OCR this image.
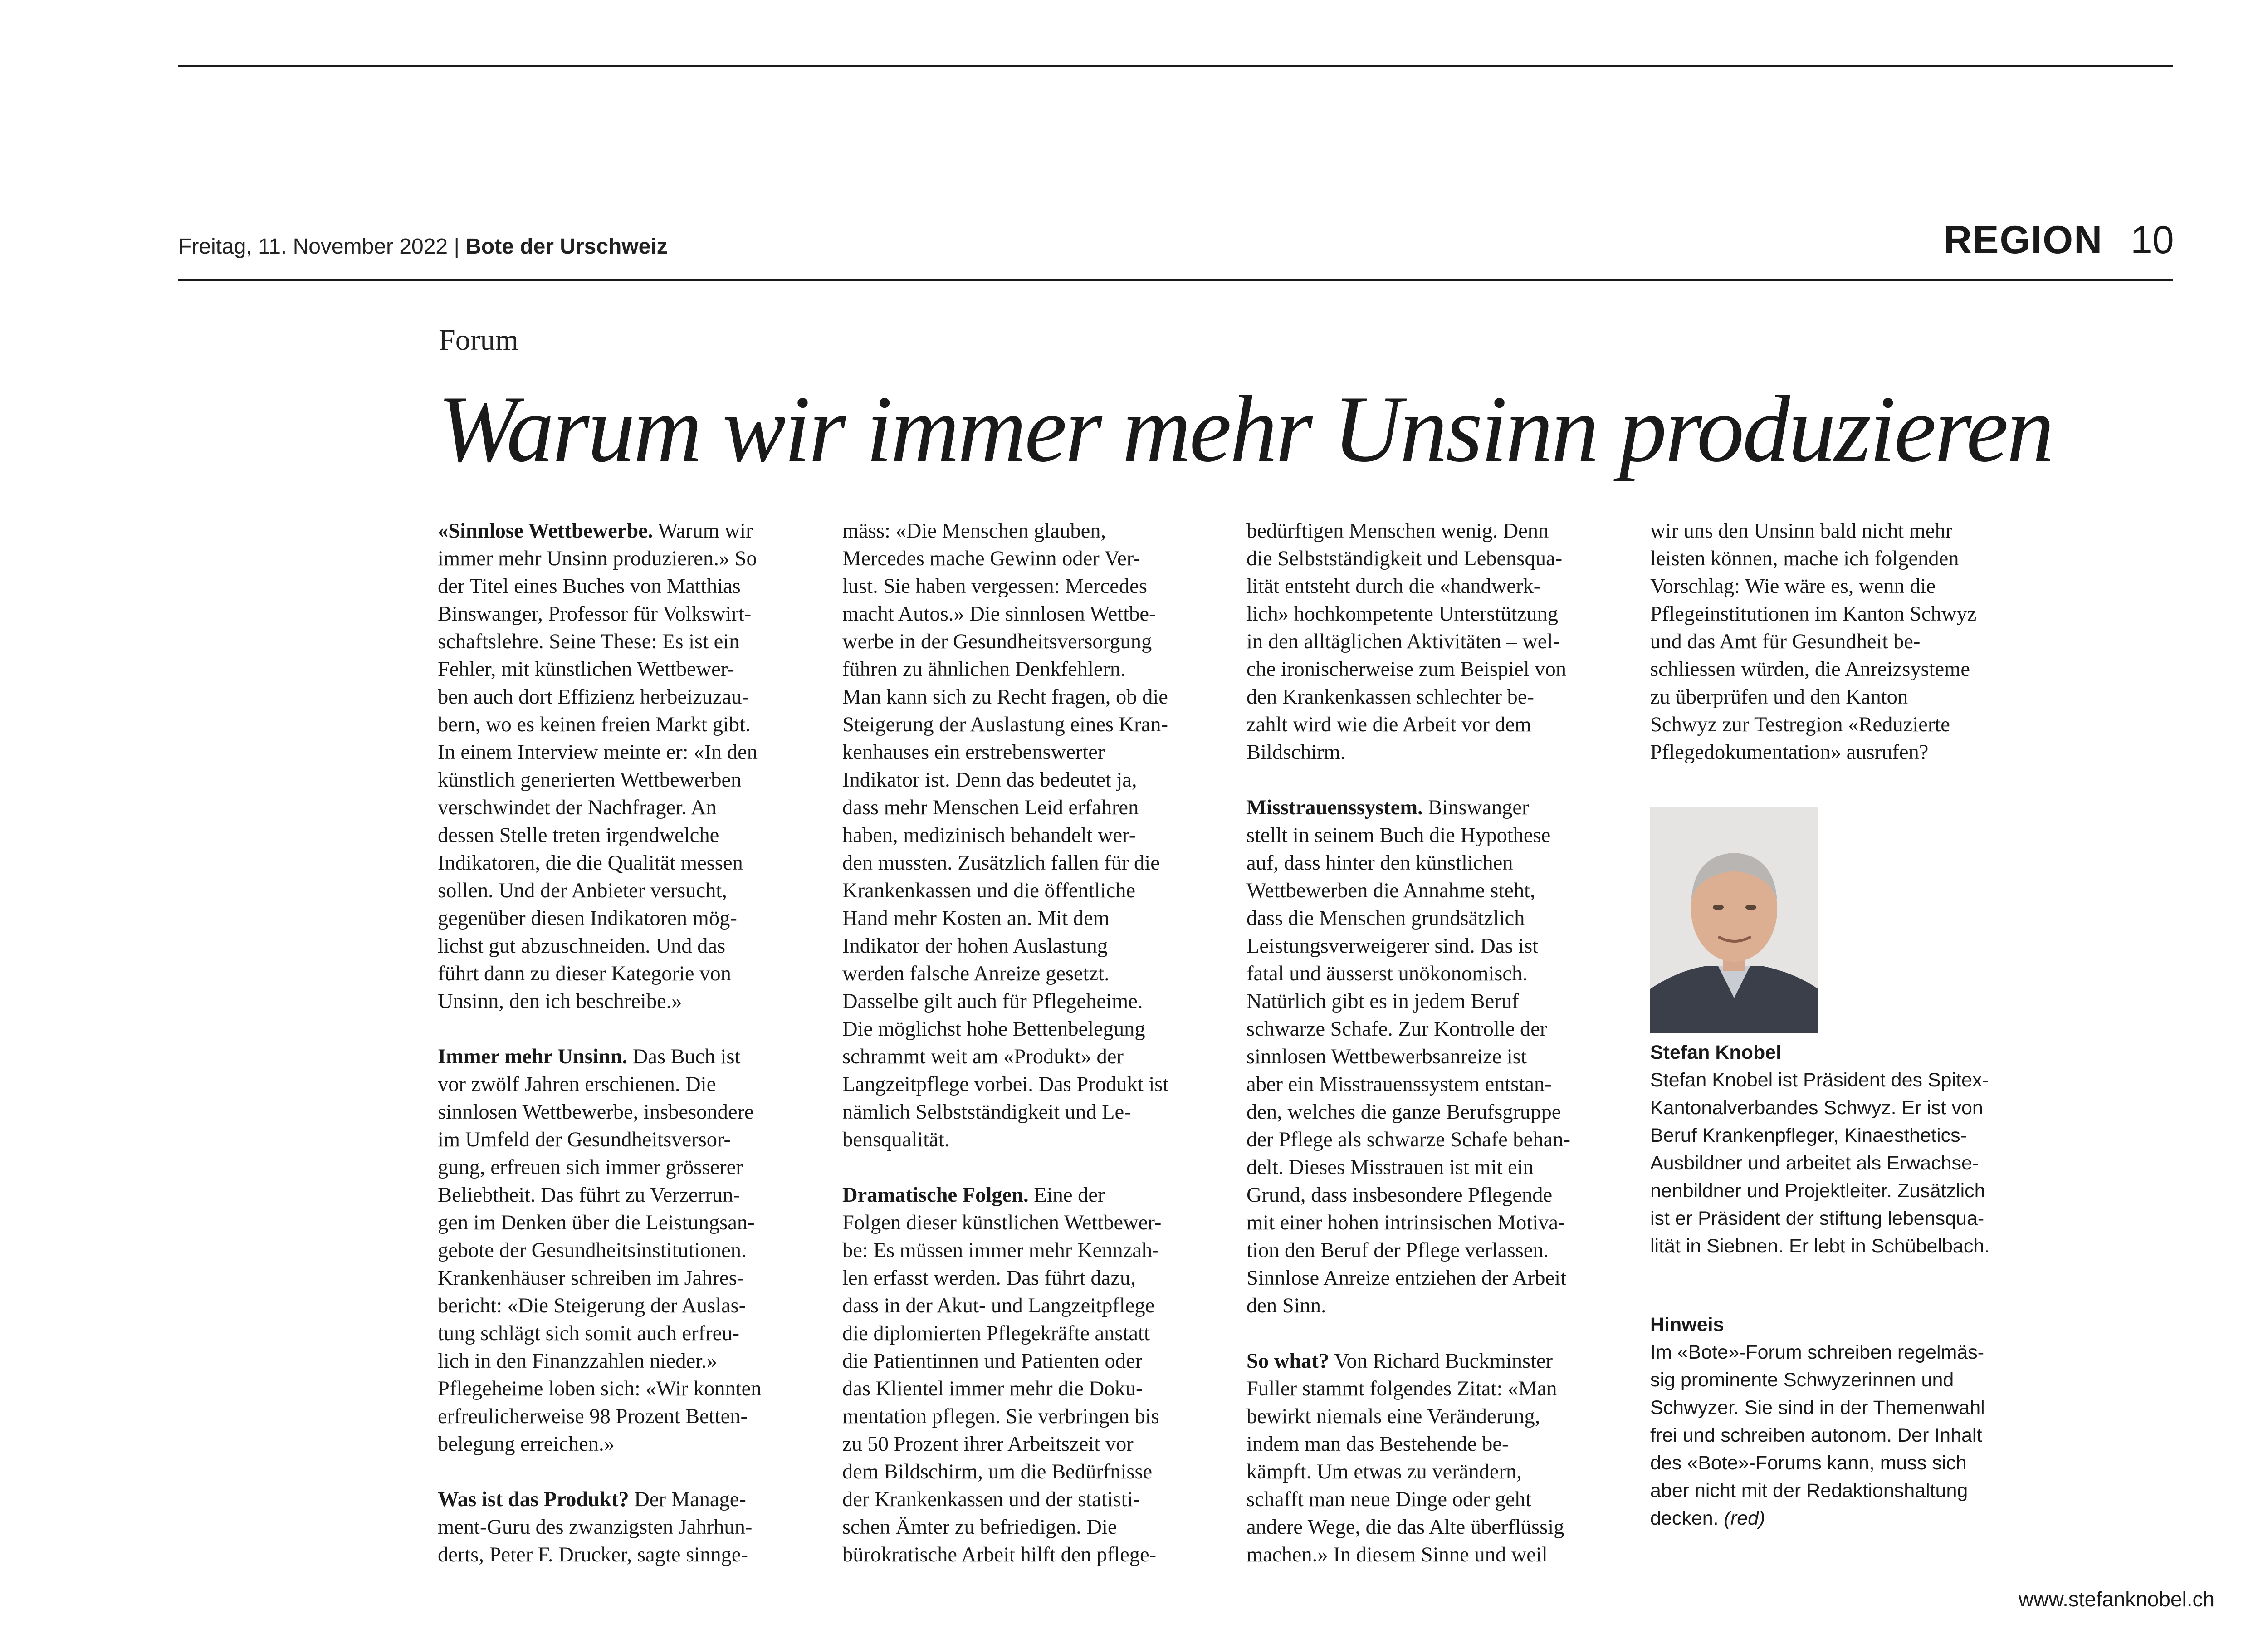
Freitag, 11. November 2022 | Bote der Urschweiz	REGION 10
Forum
Warum wir immer mehr Unsinn produzieren

«Sinnlose Wettbewerbe. Warum wir
immer mehr Unsinn produzieren.» So
der Titel eines Buches von Matthias
Binswanger, Professor für Volkswirt-
schaftslehre. Seine These: Es ist ein
Fehler, mit künstlichen Wettbewer-
ben auch dort Effizienz herbeizuzau-
bern, wo es keinen freien Markt gibt.
In einem Interview meinte er: «In den
künstlich generierten Wettbewerben
verschwindet der Nachfrager. An
dessen Stelle treten irgendwelche
Indikatoren, die die Qualität messen
sollen. Und der Anbieter versucht,
gegenüber diesen Indikatoren mög-
lichst gut abzuschneiden. Und das
führt dann zu dieser Kategorie von
Unsinn, den ich beschreibe.»

Immer mehr Unsinn. Das Buch ist
vor zwölf Jahren erschienen. Die
sinnlosen Wettbewerbe, insbesondere
im Umfeld der Gesundheitsversor-
gung, erfreuen sich immer grösserer
Beliebtheit. Das führt zu Verzerrun-
gen im Denken über die Leistungsan-
gebote der Gesundheitsinstitutionen.
Krankenhäuser schreiben im Jahres-
bericht: «Die Steigerung der Auslas-
tung schlägt sich somit auch erfreu-
lich in den Finanzzahlen nieder.»
Pflegeheime loben sich: «Wir konnten
erfreulicherweise 98 Prozent Betten-
belegung erreichen.»

Was ist das Produkt? Der Manage-
ment-Guru des zwanzigsten Jahrhun-
derts, Peter F. Drucker, sagte sinnge-

mäss: «Die Menschen glauben,
Mercedes mache Gewinn oder Ver-
lust. Sie haben vergessen: Mercedes
macht Autos.» Die sinnlosen Wettbe-
werbe in der Gesundheitsversorgung
führen zu ähnlichen Denkfehlern.
Man kann sich zu Recht fragen, ob die
Steigerung der Auslastung eines Kran-
kenhauses ein erstrebenswerter
Indikator ist. Denn das bedeutet ja,
dass mehr Menschen Leid erfahren
haben, medizinisch behandelt wer-
den mussten. Zusätzlich fallen für die
Krankenkassen und die öffentliche
Hand mehr Kosten an. Mit dem
Indikator der hohen Auslastung
werden falsche Anreize gesetzt.
Dasselbe gilt auch für Pflegeheime.
Die möglichst hohe Bettenbelegung
schrammt weit am «Produkt» der
Langzeitpflege vorbei. Das Produkt ist
nämlich Selbstständigkeit und Le-
bensqualität.

Dramatische Folgen. Eine der
Folgen dieser künstlichen Wettbewer-
be: Es müssen immer mehr Kennzah-
len erfasst werden. Das führt dazu,
dass in der Akut- und Langzeitpflege
die diplomierten Pflegekräfte anstatt
die Patientinnen und Patienten oder
das Klientel immer mehr die Doku-
mentation pflegen. Sie verbringen bis
zu 50 Prozent ihrer Arbeitszeit vor
dem Bildschirm, um die Bedürfnisse
der Krankenkassen und der statisti-
schen Ämter zu befriedigen. Die
bürokratische Arbeit hilft den pflege-

bedürftigen Menschen wenig. Denn
die Selbstständigkeit und Lebensqua-
lität entsteht durch die «handwerk-
lich» hochkompetente Unterstützung
in den alltäglichen Aktivitäten – wel-
che ironischerweise zum Beispiel von
den Krankenkassen schlechter be-
zahlt wird wie die Arbeit vor dem
Bildschirm.

Misstrauenssystem. Binswanger
stellt in seinem Buch die Hypothese
auf, dass hinter den künstlichen
Wettbewerben die Annahme steht,
dass die Menschen grundsätzlich
Leistungsverweigerer sind. Das ist
fatal und äusserst unökonomisch.
Natürlich gibt es in jedem Beruf
schwarze Schafe. Zur Kontrolle der
sinnlosen Wettbewerbsanreize ist
aber ein Misstrauenssystem entstan-
den, welches die ganze Berufsgruppe
der Pflege als schwarze Schafe behan-
delt. Dieses Misstrauen ist mit ein
Grund, dass insbesondere Pflegende
mit einer hohen intrinsischen Motiva-
tion den Beruf der Pflege verlassen.
Sinnlose Anreize entziehen der Arbeit
den Sinn.

So what? Von Richard Buckminster
Fuller stammt folgendes Zitat: «Man
bewirkt niemals eine Veränderung,
indem man das Bestehende be-
kämpft. Um etwas zu verändern,
schafft man neue Dinge oder geht
andere Wege, die das Alte überflüssig
machen.» In diesem Sinne und weil

wir uns den Unsinn bald nicht mehr
leisten können, mache ich folgenden
Vorschlag: Wie wäre es, wenn die
Pflegeinstitutionen im Kanton Schwyz
und das Amt für Gesundheit be-
schliessen würden, die Anreizsysteme
zu überprüfen und den Kanton
Schwyz zur Testregion «Reduzierte
Pflegedokumentation» ausrufen?

Stefan Knobel
Stefan Knobel ist Präsident des Spitex-
Kantonalverbandes Schwyz. Er ist von
Beruf Krankenpfleger, Kinaesthetics-
Ausbildner und arbeitet als Erwachse-
nenbildner und Projektleiter. Zusätzlich
ist er Präsident der stiftung lebensqua-
lität in Siebnen. Er lebt in Schübelbach.
Hinweis
Im «Bote»-Forum schreiben regelmäs-
sig prominente Schwyzerinnen und
Schwyzer. Sie sind in der Themenwahl
frei und schreiben autonom. Der Inhalt
des «Bote»-Forums kann, muss sich
aber nicht mit der Redaktionshaltung
decken. (red)
www.stefanknobel.ch
